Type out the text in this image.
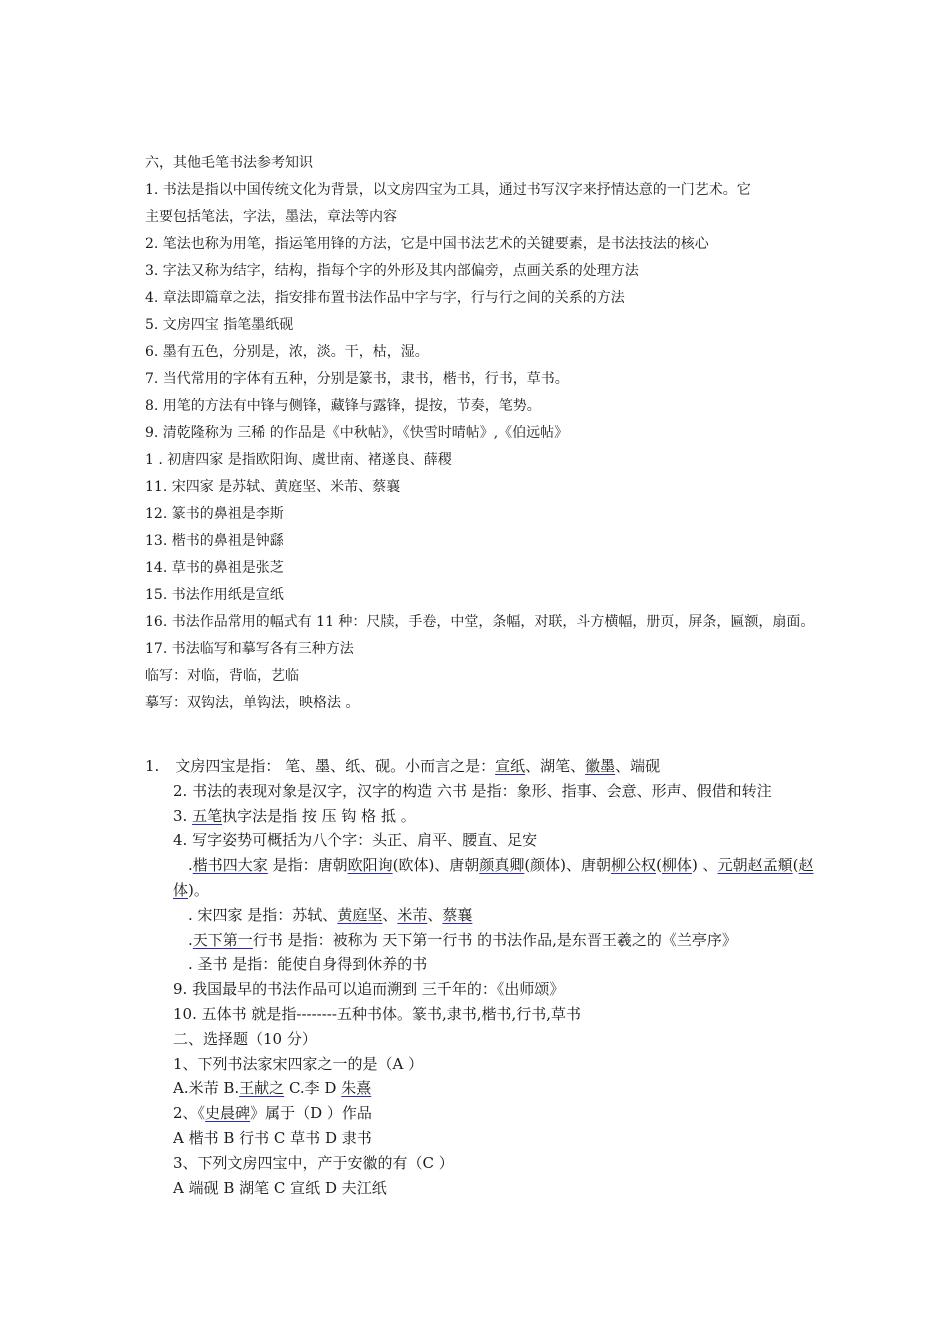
六，其他毛笔书法参考知识
1. 书法是指以中国传统文化为背景，以文房四宝为工具，通过书写汉字来抒情达意的一门艺术。它
主要包括笔法，字法，墨法，章法等内容
2. 笔法也称为用笔，指运笔用锋的方法，它是中国书法艺术的关键要素，是书法技法的核心
3. 字法又称为结字，结构，指每个字的外形及其内部偏旁，点画关系的处理方法
4. 章法即篇章之法，指安排布置书法作品中字与字，行与行之间的关系的方法
5. 文房四宝 指笔墨纸砚
6. 墨有五色，分别是，浓，淡。干，枯，湿。
7. 当代常用的字体有五种，分别是篆书，隶书，楷书，行书，草书。
8. 用笔的方法有中锋与侧锋，藏锋与露锋，提按，节奏，笔势。
9. 清乾隆称为 三稀 的作品是《中秋帖》，《快雪时晴帖》,《伯远帖》
1 . 初唐四家 是指欧阳询、虞世南、褚遂良、薛稷
11. 宋四家 是苏轼、黄庭坚、米芾、蔡襄
12. 篆书的鼻祖是李斯
13. 楷书的鼻祖是钟繇
14. 草书的鼻祖是张芝
15. 书法作用纸是宣纸
16. 书法作品常用的幅式有 11 种：尺牍，手卷，中堂，条幅，对联，斗方横幅，册页，屏条，匾额，扇面。
17. 书法临写和摹写各有三种方法
临写：对临，背临，艺临
摹写：双钩法，单钩法，映格法 。
1. 文房四宝是指： 笔、墨、纸、砚。小而言之是：宣纸、湖笔、徽墨、端砚
2. 书法的表现对象是汉字，汉字的构造 六书 是指：象形、指事、会意、形声、假借和转注
3. 五笔执字法是指 按 压 钩 格 抵 。
4. 写字姿势可概括为八个字：头正、肩平、腰直、足安
.楷书四大家 是指：唐朝欧阳询(欧体)、唐朝颜真卿(颜体)、唐朝柳公权(柳体) 、元朝赵孟頫(赵体)。
. 宋四家 是指：苏轼、黄庭坚、米芾、蔡襄
.天下第一行书 是指：被称为 天下第一行书 的书法作品,是东晋王羲之的《兰亭序》
. 圣书 是指：能使自身得到休养的书
9. 我国最早的书法作品可以追而溯到 三千年的：《出师颂》
10. 五体书 就是指--------五种书体。篆书,隶书,楷书,行书,草书
二、选择题（10 分）
1、下列书法家宋四家之一的是（A ）
A.米芾 B.王献之 C.李 D 朱熹
2、《史晨碑》属于（D ）作品
A 楷书 B 行书 C 草书 D 隶书
3、下列文房四宝中，产于安徽的有（C ）
A 端砚 B 湖笔 C 宣纸 D 夫江纸
